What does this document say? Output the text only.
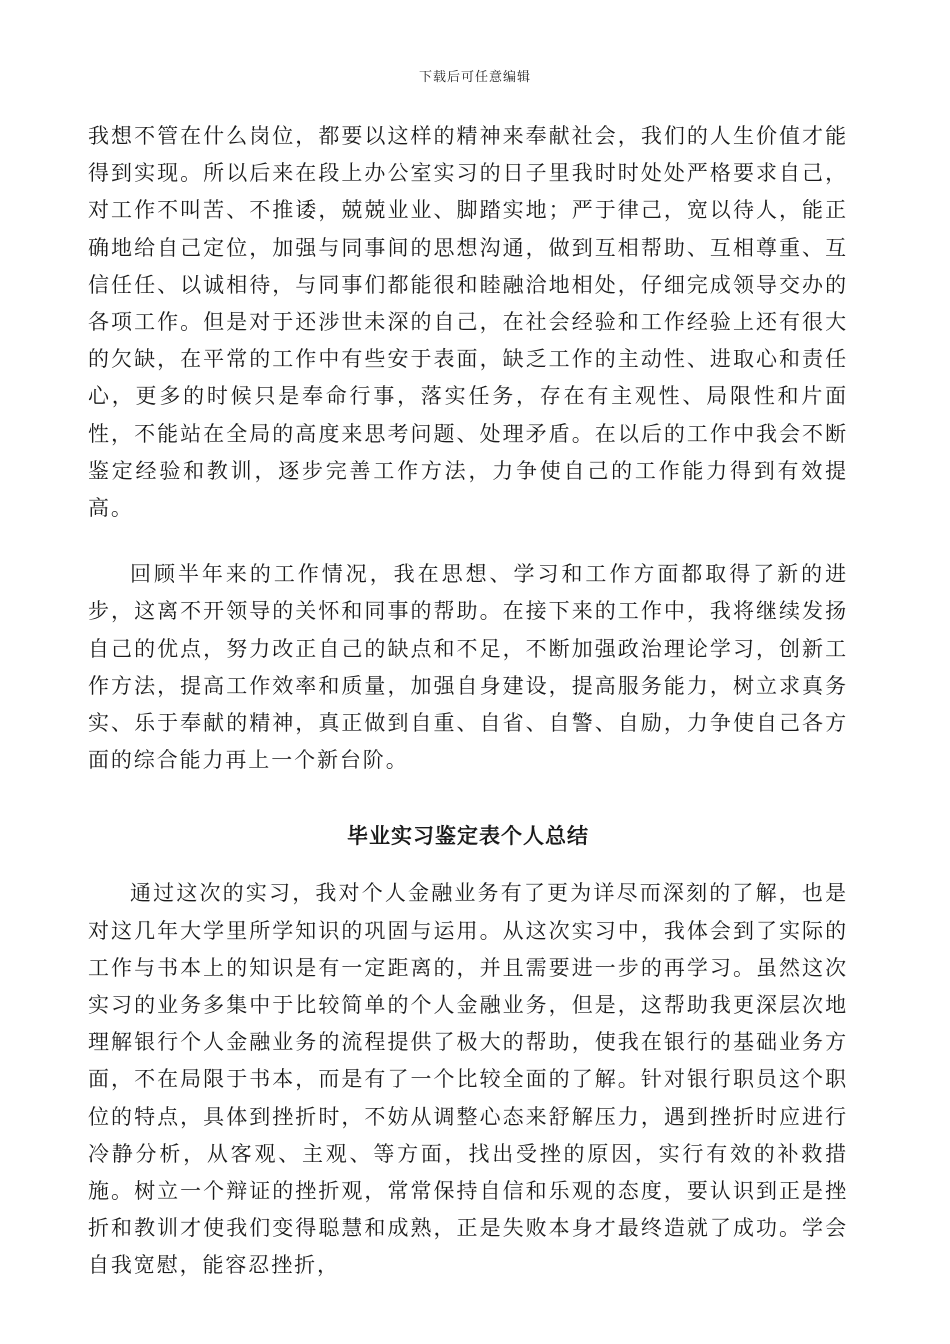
下载后可任意编辑

我想不管在什么岗位，都要以这样的精神来奉献社会，我们的人生价值才能得到实现。所以后来在段上办公室实习的日子里我时时处处严格要求自己，对工作不叫苦、不推诿，兢兢业业、脚踏实地；严于律己，宽以待人，能正确地给自己定位，加强与同事间的思想沟通，做到互相帮助、互相尊重、互信任任、以诚相待，与同事们都能很和睦融洽地相处，仔细完成领导交办的各项工作。但是对于还涉世未深的自己，在社会经验和工作经验上还有很大的欠缺，在平常的工作中有些安于表面，缺乏工作的主动性、进取心和责任心，更多的时候只是奉命行事，落实任务，存在有主观性、局限性和片面性，不能站在全局的高度来思考问题、处理矛盾。在以后的工作中我会不断鉴定经验和教训，逐步完善工作方法，力争使自己的工作能力得到有效提高。

回顾半年来的工作情况，我在思想、学习和工作方面都取得了新的进步，这离不开领导的关怀和同事的帮助。在接下来的工作中，我将继续发扬自己的优点，努力改正自己的缺点和不足，不断加强政治理论学习，创新工作方法，提高工作效率和质量，加强自身建设，提高服务能力，树立求真务实、乐于奉献的精神，真正做到自重、自省、自警、自励，力争使自己各方面的综合能力再上一个新台阶。

毕业实习鉴定表个人总结

通过这次的实习，我对个人金融业务有了更为详尽而深刻的了解，也是对这几年大学里所学知识的巩固与运用。从这次实习中，我体会到了实际的工作与书本上的知识是有一定距离的，并且需要进一步的再学习。虽然这次实习的业务多集中于比较简单的个人金融业务，但是，这帮助我更深层次地理解银行个人金融业务的流程提供了极大的帮助，使我在银行的基础业务方面，不在局限于书本，而是有了一个比较全面的了解。针对银行职员这个职位的特点，具体到挫折时，不妨从调整心态来舒解压力，遇到挫折时应进行冷静分析，从客观、主观、等方面，找出受挫的原因，实行有效的补救措施。树立一个辩证的挫折观，常常保持自信和乐观的态度，要认识到正是挫折和教训才使我们变得聪慧和成熟，正是失败本身才最终造就了成功。学会自我宽慰，能容忍挫折，
